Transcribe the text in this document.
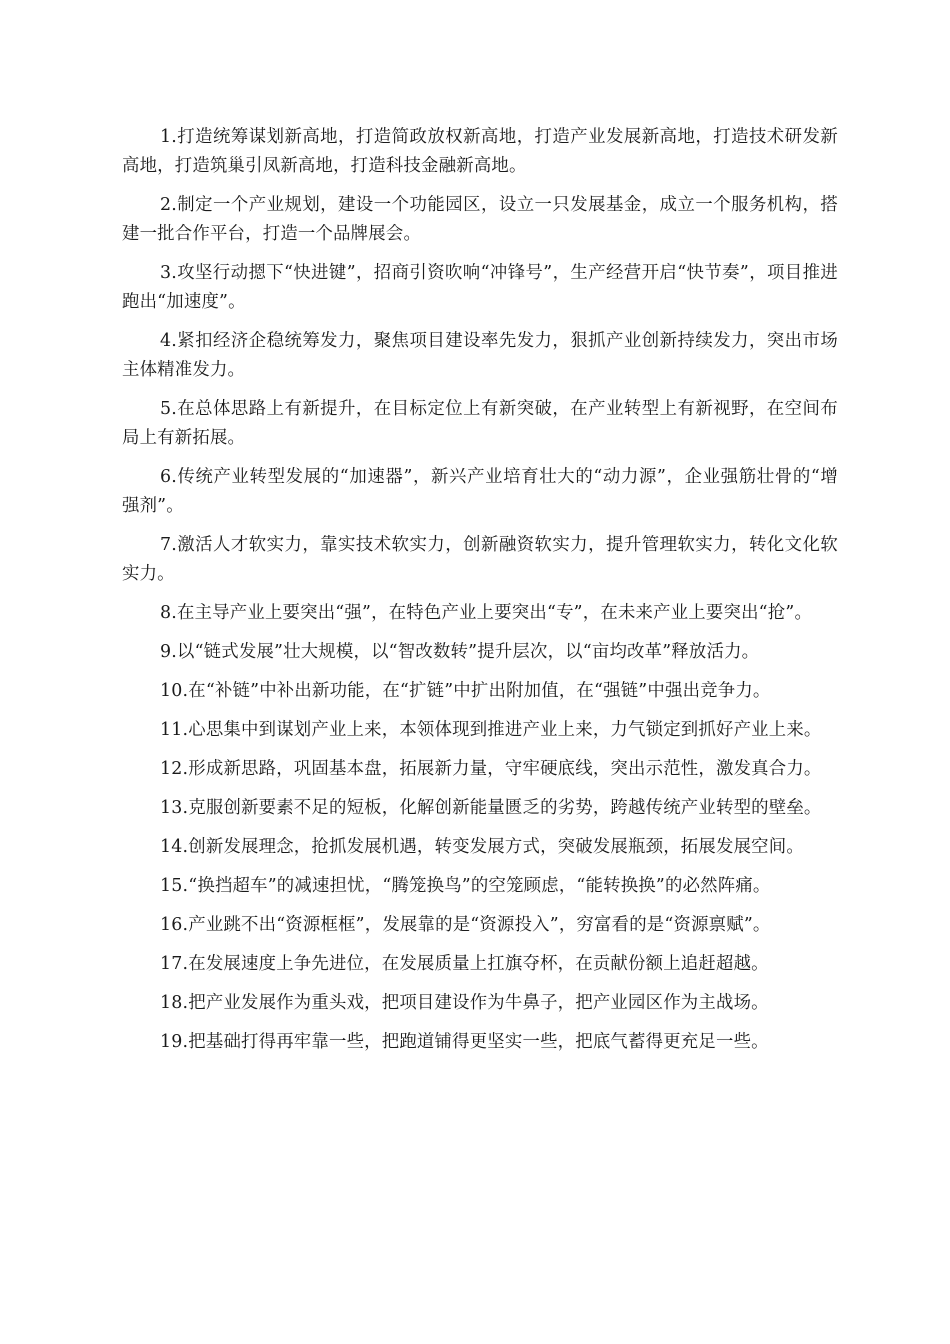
1.打造统筹谋划新高地，打造简政放权新高地，打造产业发展新高地，打造技术研发新高地，打造筑巢引凤新高地，打造科技金融新高地。

2.制定一个产业规划，建设一个功能园区，设立一只发展基金，成立一个服务机构，搭建一批合作平台，打造一个品牌展会。

3.攻坚行动摁下“快进键”，招商引资吹响“冲锋号”，生产经营开启“快节奏”，项目推进跑出“加速度”。

4.紧扣经济企稳统筹发力，聚焦项目建设率先发力，狠抓产业创新持续发力，突出市场主体精准发力。

5.在总体思路上有新提升，在目标定位上有新突破，在产业转型上有新视野，在空间布局上有新拓展。

6.传统产业转型发展的“加速器”，新兴产业培育壮大的“动力源”，企业强筋壮骨的“增强剂”。

7.激活人才软实力，靠实技术软实力，创新融资软实力，提升管理软实力，转化文化软实力。

8.在主导产业上要突出“强”，在特色产业上要突出“专”，在未来产业上要突出“抢”。

9.以“链式发展”壮大规模，以“智改数转”提升层次，以“亩均改革”释放活力。

10.在“补链”中补出新功能，在“扩链”中扩出附加值，在“强链”中强出竞争力。

11.心思集中到谋划产业上来，本领体现到推进产业上来，力气锁定到抓好产业上来。

12.形成新思路，巩固基本盘，拓展新力量，守牢硬底线，突出示范性，激发真合力。

13.克服创新要素不足的短板，化解创新能量匮乏的劣势，跨越传统产业转型的壁垒。

14.创新发展理念，抢抓发展机遇，转变发展方式，突破发展瓶颈，拓展发展空间。

15.“换挡超车”的减速担忧，“腾笼换鸟”的空笼顾虑，“能转换换”的必然阵痛。

16.产业跳不出“资源框框”，发展靠的是“资源投入”，穷富看的是“资源禀赋”。

17.在发展速度上争先进位，在发展质量上扛旗夺杯，在贡献份额上追赶超越。

18.把产业发展作为重头戏，把项目建设作为牛鼻子，把产业园区作为主战场。

19.把基础打得再牢靠一些，把跑道铺得更坚实一些，把底气蓄得更充足一些。
